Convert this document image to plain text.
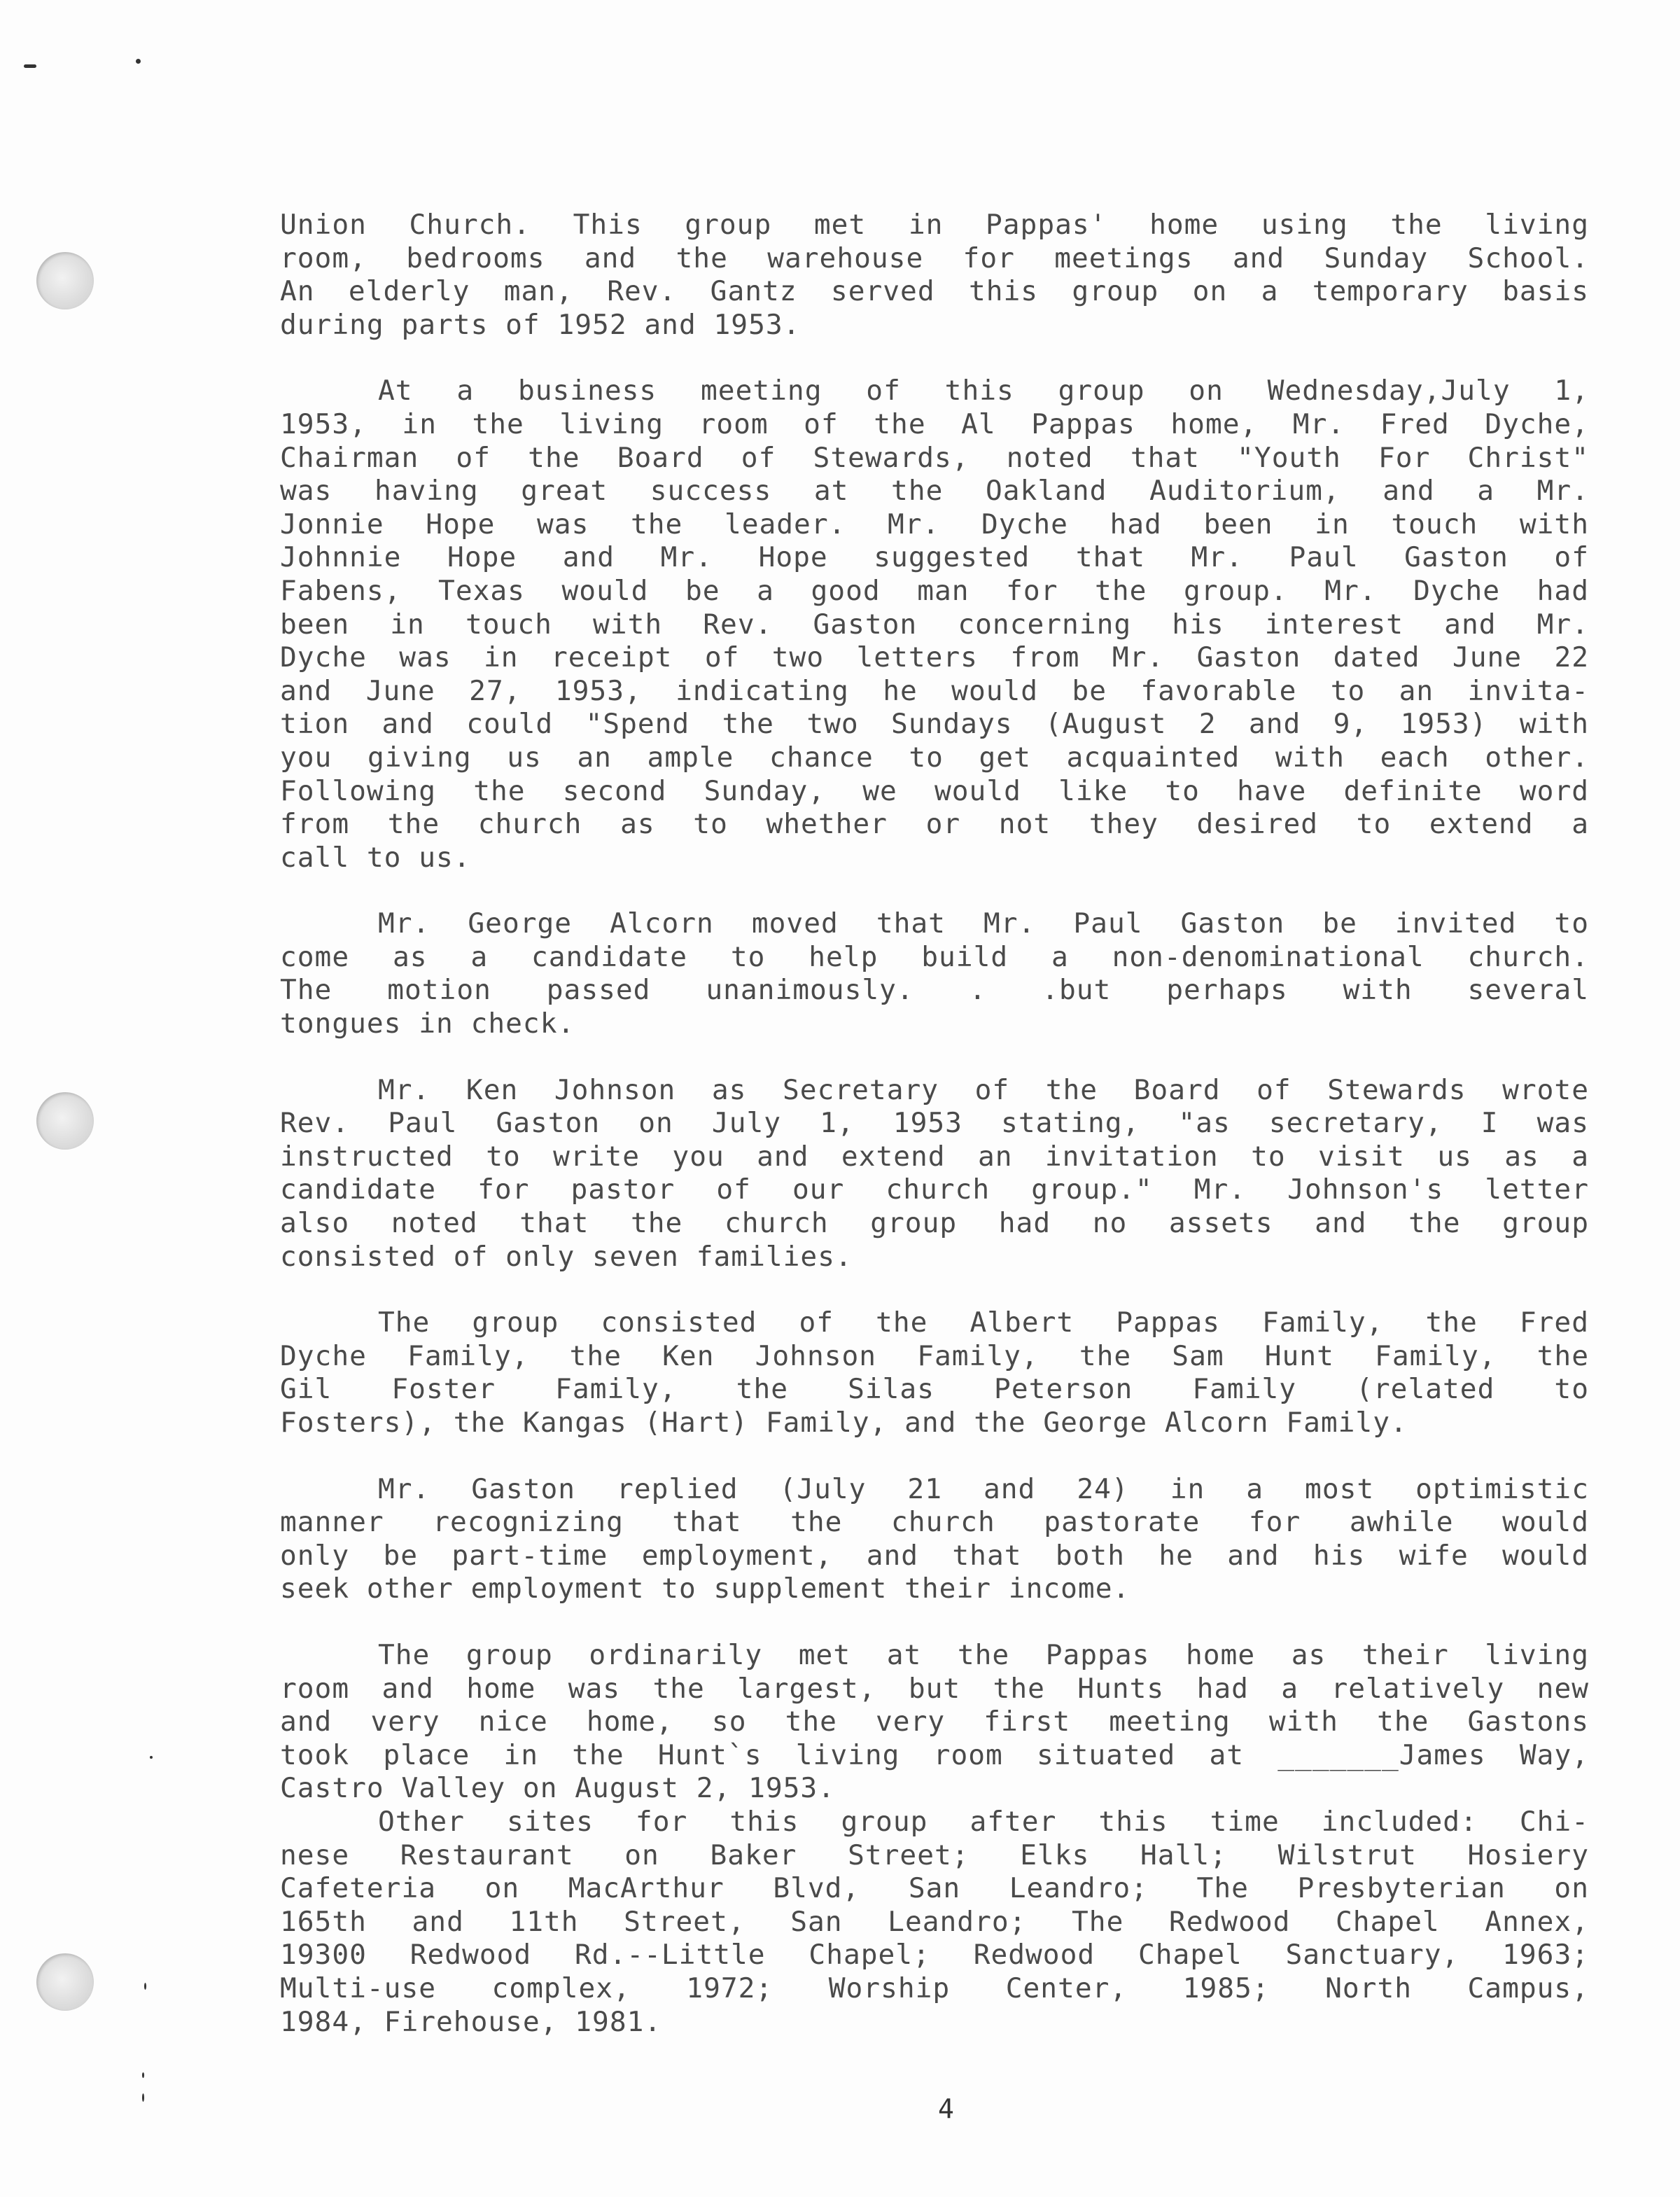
Union Church. This group met in Pappas' home using the living
room, bedrooms and the warehouse for meetings and Sunday School.
An elderly man, Rev. Gantz served this group on a temporary basis
during parts of 1952 and 1953.
At a business meeting of this group on Wednesday,July 1,
1953, in the living room of the Al Pappas home, Mr. Fred Dyche,
Chairman of the Board of Stewards, noted that "Youth For Christ"
was having great success at the Oakland Auditorium, and a Mr.
Jonnie Hope was the leader. Mr. Dyche had been in touch with
Johnnie Hope and Mr. Hope suggested that Mr. Paul Gaston of
Fabens, Texas would be a good man for the group. Mr. Dyche had
been in touch with Rev. Gaston concerning his interest and Mr.
Dyche was in receipt of two letters from Mr. Gaston dated June 22
and June 27, 1953, indicating he would be favorable to an invita-
tion and could "Spend the two Sundays (August 2 and 9, 1953) with
you giving us an ample chance to get acquainted with each other.
Following the second Sunday, we would like to have definite word
from the church as to whether or not they desired to extend a
call to us.
Mr. George Alcorn moved that Mr. Paul Gaston be invited to
come as a candidate to help build a non-denominational church.
The motion passed unanimously. . .but perhaps with several
tongues in check.
Mr. Ken Johnson as Secretary of the Board of Stewards wrote
Rev. Paul Gaston on July 1, 1953 stating, "as secretary, I was
instructed to write you and extend an invitation to visit us as a
candidate for pastor of our church group." Mr. Johnson's letter
also noted that the church group had no assets and the group
consisted of only seven families.
The group consisted of the Albert Pappas Family, the Fred
Dyche Family, the Ken Johnson Family, the Sam Hunt Family, the
Gil Foster Family, the Silas Peterson Family (related to
Fosters), the Kangas (Hart) Family, and the George Alcorn Family.
Mr. Gaston replied (July 21 and 24) in a most optimistic
manner recognizing that the church pastorate for awhile would
only be part-time employment, and that both he and his wife would
seek other employment to supplement their income.
The group ordinarily met at the Pappas home as their living
room and home was the largest, but the Hunts had a relatively new
and very nice home, so the very first meeting with the Gastons
took place in the Hunt`s living room situated at _______James Way,
Castro Valley on August 2, 1953.
Other sites for this group after this time included: Chi-
nese Restaurant on Baker Street; Elks Hall; Wilstrut Hosiery
Cafeteria on MacArthur Blvd, San Leandro; The Presbyterian on
165th and 11th Street, San Leandro; The Redwood Chapel Annex,
19300 Redwood Rd.--Little Chapel; Redwood Chapel Sanctuary, 1963;
Multi-use complex, 1972; Worship Center, 1985; North Campus,
1984, Firehouse, 1981.
4
